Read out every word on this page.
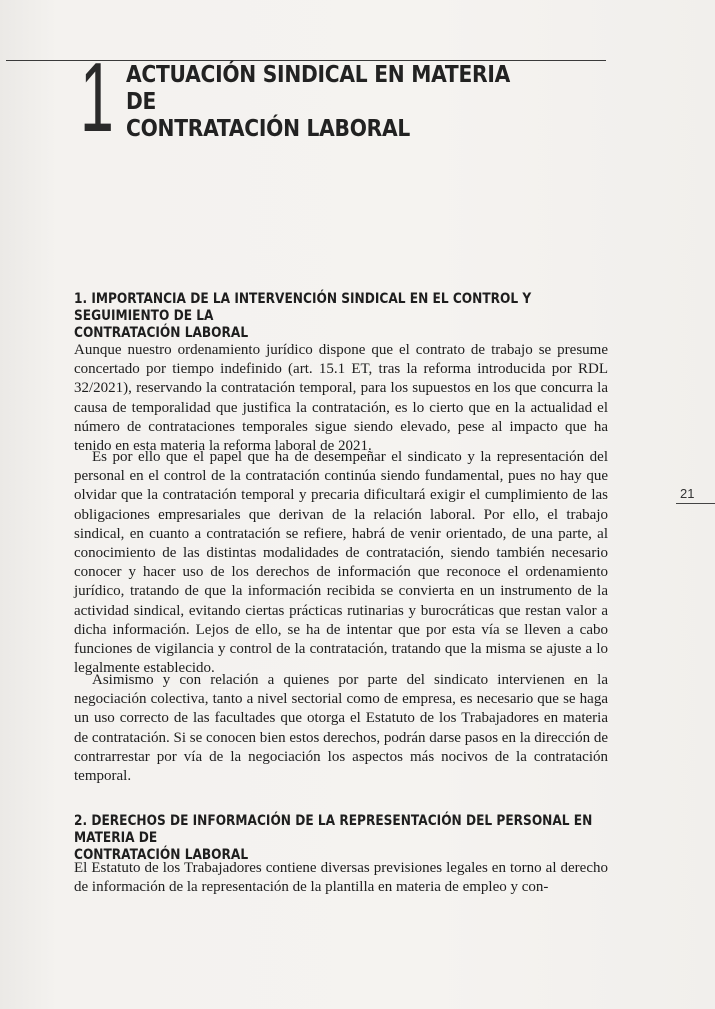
1 ACTUACIÓN SINDICAL EN MATERIA DE
CONTRATACIÓN LABORAL
1. IMPORTANCIA DE LA INTERVENCIÓN SINDICAL EN EL CONTROL Y SEGUIMIENTO DE LA
CONTRATACIÓN LABORAL

Aunque nuestro ordenamiento jurídico dispone que el contrato de trabajo se presume concertado por tiempo indefinido (art. 15.1 ET, tras la reforma introducida por RDL 32/2021), reservando la contratación temporal, para los supuestos en los que concurra la causa de temporalidad que justifica la contratación, es lo cierto que en la actualidad el número de contrataciones temporales sigue siendo elevado, pese al impacto que ha tenido en esta materia la reforma laboral de 2021.

Es por ello que el papel que ha de desempeñar el sindicato y la representación del personal en el control de la contratación continúa siendo fundamental, pues no hay que olvidar que la contratación temporal y precaria dificultará exigir el cumplimiento de las obligaciones empresariales que derivan de la relación laboral. Por ello, el trabajo sindical, en cuanto a contratación se refiere, habrá de venir orientado, de una parte, al conocimiento de las distintas modalidades de contratación, siendo también necesario conocer y hacer uso de los derechos de información que reconoce el ordenamiento jurídico, tratando de que la información recibida se convierta en un instrumento de la actividad sindical, evitando ciertas prácticas rutinarias y burocráticas que restan valor a dicha información. Lejos de ello, se ha de intentar que por esta vía se lleven a cabo funciones de vigilancia y control de la contratación, tratando que la misma se ajuste a lo legalmente establecido.

Asimismo y con relación a quienes por parte del sindicato intervienen en la negociación colectiva, tanto a nivel sectorial como de empresa, es necesario que se haga un uso correcto de las facultades que otorga el Estatuto de los Trabajadores en materia de contratación. Si se conocen bien estos derechos, podrán darse pasos en la dirección de contrarrestar por vía de la negociación los aspectos más nocivos de la contratación temporal.

2. DERECHOS DE INFORMACIÓN DE LA REPRESENTACIÓN DEL PERSONAL EN MATERIA DE
CONTRATACIÓN LABORAL

El Estatuto de los Trabajadores contiene diversas previsiones legales en torno al derecho de información de la representación de la plantilla en materia de empleo y con-

21
